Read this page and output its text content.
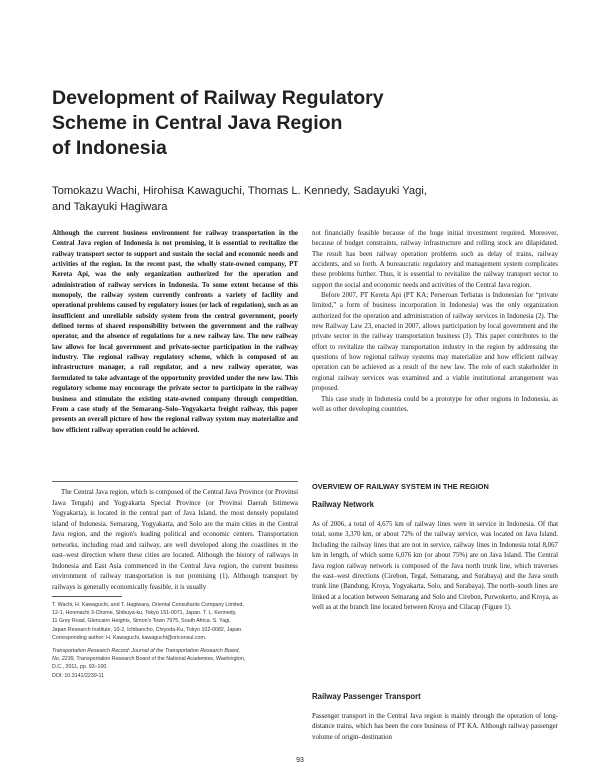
Development of Railway Regulatory
Scheme in Central Java Region
of Indonesia
Tomokazu Wachi, Hirohisa Kawaguchi, Thomas L. Kennedy, Sadayuki Yagi,
and Takayuki Hagiwara

Although the current business environment for railway transportation in the Central Java region of Indonesia is not promising, it is essential to revitalize the railway transport sector to support and sustain the social and economic needs and activities of the region. In the recent past, the wholly state-owned company, PT Kereta Api, was the only organization authorized for the operation and administration of railway services in Indonesia. To some extent because of this monopoly, the railway system currently confronts a variety of facility and operational problems caused by regulatory issues (or lack of regulation), such as an insufficient and unreliable subsidy system from the central government, poorly defined terms of shared responsibility between the government and the railway operator, and the absence of regulations for a new railway law. The new railway law allows for local government and private-sector participation in the railway industry. The regional railway regulatory scheme, which is composed of an infrastructure manager, a rail regulator, and a new railway operator, was formulated to take advantage of the opportunity provided under the new law. This regulatory scheme may encourage the private sector to participate in the railway business and stimulate the existing state-owned company through competition. From a case study of the Semarang–Solo–Yogyakarta freight railway, this paper presents an overall picture of how the regional railway system may materialize and how efficient railway operation could be achieved.

The Central Java region, which is composed of the Central Java Province (or Provinsi Jawa Tengah) and Yogyakarta Special Province (or Provinsi Daerah Istimewa Yogyakarta), is located in the central part of Java Island, the most densely populated island of Indonesia. Semarang, Yogyakarta, and Solo are the main cities in the Central Java region, and the region's leading political and economic centers. Transportation networks, including road and railway, are well developed along the coastlines in the east–west direction where these cities are located. Although the history of railways in Indonesia and East Asia commenced in the Central Java region, the current business environment of railway transportation is not promising (1). Although transport by railways is generally economically feasible, it is usually

T. Wachi, H. Kawaguchi, and T. Hagiwara, Oriental Consultants Company Limited,
12-1, Honmachi 3-Chome, Shibuya-ku, Tokyo 151-0071, Japan. T. L. Kennedy,
11 Grey Road, Glencairn Heights, Simon's Town 7975, South Africa. S. Yagi,
Japan Research Institute, 10-2, Ichibancho, Chiyoda-Ku, Tokyo 102-0082, Japan.
Corresponding author: H. Kawaguchi, kawaguchi@oriconsul.com.
Transportation Research Record: Journal of the Transportation Research Board,
No. 2239, Transportation Research Board of the National Academies, Washington,
D.C., 2011, pp. 93–100.
DOI: 10.3141/2239-11

not financially feasible because of the huge initial investment required. Moreover, because of budget constraints, railway infrastructure and rolling stock are dilapidated. The result has been railway operation problems such as delay of trains, railway accidents, and so forth. A bureaucratic regulatory and management system complicates these problems further. Thus, it is essential to revitalize the railway transport sector to support the social and economic needs and activities of the Central Java region.

Before 2007, PT Kereta Api (PT KA; Perseroan Terbatas is Indonesian for “private limited,” a form of business incorporation in Indonesia) was the only organization authorized for the operation and administration of railway services in Indonesia (2). The new Railway Law 23, enacted in 2007, allows participation by local government and the private sector in the railway transportation business (3). This paper contributes to the effort to revitalize the railway transportation industry in the region by addressing the questions of how regional railway systems may materialize and how efficient railway operation can be achieved as a result of the new law. The role of each stakeholder in regional railway services was examined and a viable institutional arrangement was proposed.

This case study in Indonesia could be a prototype for other regions in Indonesia, as well as other developing countries.

OVERVIEW OF RAILWAY SYSTEM IN THE REGION
Railway Network

As of 2006, a total of 4,675 km of railway lines were in service in Indonesia. Of that total, some 3,370 km, or about 72% of the railway service, was located on Java Island. Including the railway lines that are not in service, railway lines in Indonesia total 8,067 km in length, of which some 6,076 km (or about 75%) are on Java Island. The Central Java region railway network is composed of the Java north trunk line, which traverses the east–west directions (Cirebon, Tegal, Semarang, and Surabaya) and the Java south trunk line (Bandung, Kroya, Yogyakarta, Solo, and Surabaya). The north–south lines are linked at a location between Semarang and Solo and Cirebon, Purwokerto, and Kroya, as well as at the branch line located between Kroya and Cilacap (Figure 1).

Railway Passenger Transport

Passenger transport in the Central Java region is mainly through the operation of long-distance trains, which has been the core business of PT KA. Although railway passenger volume of origin–destination

93
